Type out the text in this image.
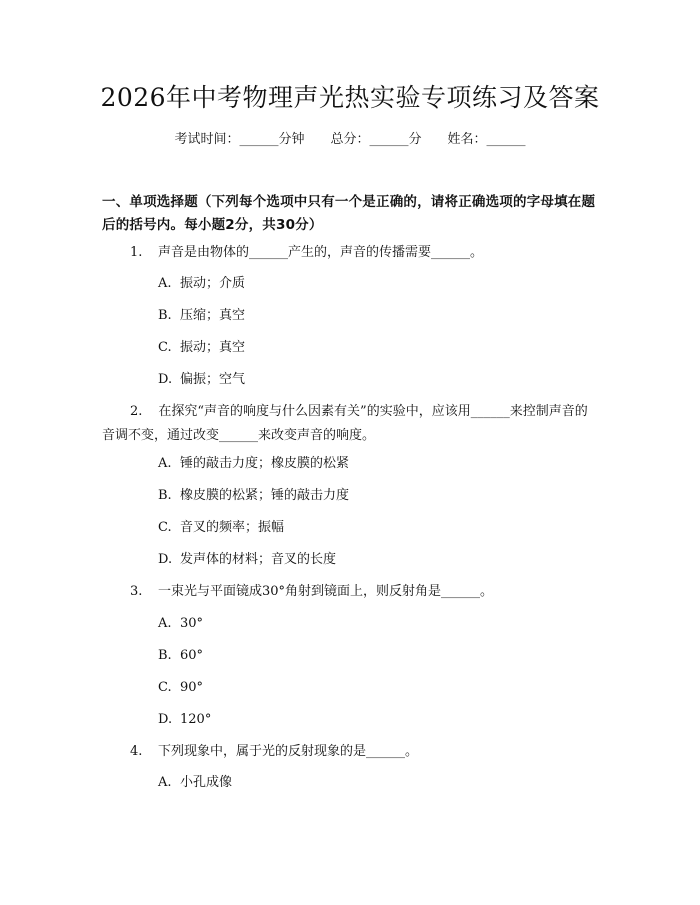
2026年中考物理声光热实验专项练习及答案
考试时间：______分钟 总分：______分 姓名：______
一、单项选择题（下列每个选项中只有一个是正确的，请将正确选项的字母填在题后的括号内。每小题2分，共30分）
1. 声音是由物体的______产生的，声音的传播需要______。
A. 振动；介质
B. 压缩；真空
C. 振动；真空
D. 偏振；空气
2. 在探究“声音的响度与什么因素有关”的实验中，应该用______来控制声音的音调不变，通过改变______来改变声音的响度。
A. 锤的敲击力度；橡皮膜的松紧
B. 橡皮膜的松紧；锤的敲击力度
C. 音叉的频率；振幅
D. 发声体的材料；音叉的长度
3. 一束光与平面镜成30°角射到镜面上，则反射角是______。
A. 30°
B. 60°
C. 90°
D. 120°
4. 下列现象中，属于光的反射现象的是______。
A. 小孔成像
